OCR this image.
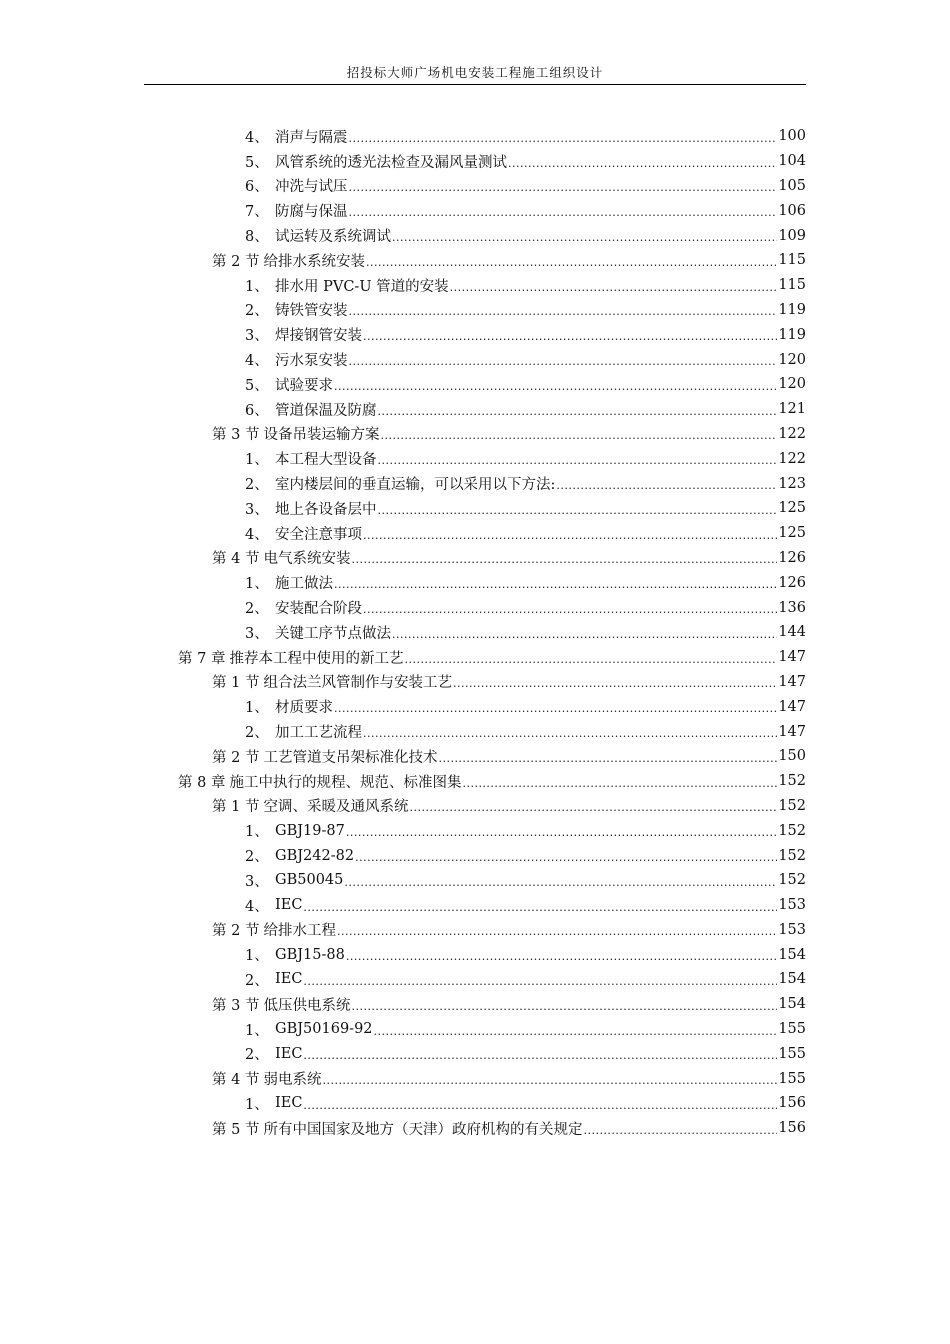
招投标大师广场机电安装工程施工组织设计
4、 消声与隔震 .....	100
5、 风管系统的透光法检查及漏风量测试 .....	104
6、 冲洗与试压 .....	105
7、 防腐与保温 .....	106
8、 试运转及系统调试 .....	109
第 2 节 给排水系统安装 .....	115
1、 排水用 PVC-U 管道的安装 .....	115
2、 铸铁管安装 .....	119
3、 焊接钢管安装 .....	119
4、 污水泵安装 .....	120
5、 试验要求 .....	120
6、 管道保温及防腐 .....	121
第 3 节 设备吊装运输方案 .....	122
1、 本工程大型设备 .....	122
2、 室内楼层间的垂直运输，可以采用以下方法: .....	123
3、 地上各设备层中 .....	125
4、 安全注意事项 .....	125
第 4 节 电气系统安装 .....	126
1、 施工做法 .....	126
2、 安装配合阶段 .....	136
3、 关键工序节点做法 .....	144
第 7 章 推荐本工程中使用的新工艺 .....	147
第 1 节 组合法兰风管制作与安装工艺 .....	147
1、 材质要求 .....	147
2、 加工工艺流程 .....	147
第 2 节 工艺管道支吊架标准化技术 .....	150
第 8 章 施工中执行的规程、规范、标准图集 .....	152
第 1 节 空调、采暖及通风系统 .....	152
1、 GBJ19-87 .....	152
2、 GBJ242-82 .....	152
3、 GB50045 .....	152
4、 IEC .....	153
第 2 节 给排水工程 .....	153
1、 GBJ15-88 .....	154
2、 IEC .....	154
第 3 节 低压供电系统 .....	154
1、 GBJ50169-92 .....	155
2、 IEC .....	155
第 4 节 弱电系统 .....	155
1、 IEC .....	156
第 5 节 所有中国国家及地方（天津）政府机构的有关规定 .....	156
